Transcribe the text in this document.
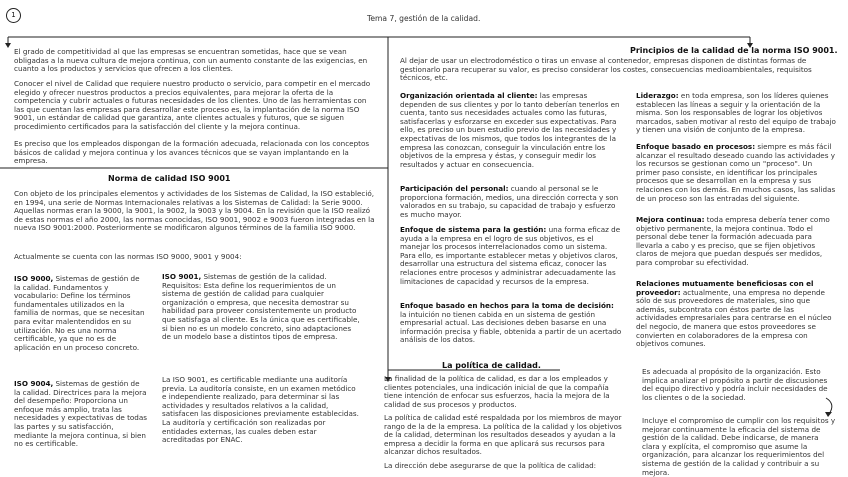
1	Tema 7, gestión de la calidad.

El grado de competitividad al que las empresas se encuentran sometidas, hace que se vean obligadas a la nueva cultura de mejora continua, con un aumento constante de las exigencias, en cuanto a los productos y servicios que ofrecen a los clientes.

Conocer el nivel de Calidad que requiere nuestro producto o servicio, para competir en el mercado elegido y ofrecer nuestros productos a precios equivalentes, para mejorar la oferta de la competencia y cubrir actuales o futuras necesidades de los clientes. Uno de las herramientas con las que cuentan las empresas para desarrollar este proceso es, la implantación de la norma ISO 9001, un estándar de calidad que garantiza, ante clientes actuales y futuros, que se siguen procedimiento certificados para la satisfacción del cliente y la mejora continua.

Es preciso que los empleados dispongan de la formación adecuada, relacionada con los conceptos básicos de calidad y mejora continua y los avances técnicos que se vayan implantando en la empresa.

Norma de calidad ISO 9001

Con objeto de los principales elementos y actividades de los Sistemas de Calidad, la ISO estableció, en 1994, una serie de Normas Internacionales relativas a los Sistemas de Calidad: la Serie 9000. Aquellas normas eran la 9000, la 9001, la 9002, la 9003 y la 9004. En la revisión que la ISO realizó de estas normas el año 2000, las normas conocidas, ISO 9001, 9002 e 9003 fueron integradas en la nueva ISO 9001:2000. Posteriormente se modificaron algunos términos de la familia ISO 9000.

Actualmente se cuenta con las normas ISO 9000, 9001 y 9004:

ISO 9000, Sistemas de gestión de la calidad. Fundamentos y vocabulario: Define los términos fundamentales utilizados en la familia de normas, que se necesitan para evitar malentendidos en su utilización. No es una norma certificable, ya que no es de aplicación en un proceso concreto.

ISO 9004, Sistemas de gestión de la calidad. Directrices para la mejora del desempeño: Proporciona un enfoque más amplio, trata las necesidades y expectativas de todas las partes y su satisfacción, mediante la mejora continua, si bien no es certificable.

ISO 9001, Sistemas de gestión de la calidad. Requisitos: Esta define los requerimientos de un sistema de gestión de calidad para cualquier organización o empresa, que necesita demostrar su habilidad para proveer consistentemente un producto que satisfaga al cliente. Es la única que es certificable, si bien no es un modelo concreto, sino adaptaciones de un modelo base a distintos tipos de empresa.

La ISO 9001, es certificable mediante una auditoría previa. La auditoría consiste, en un examen metódico e independiente realizado, para determinar si las actividades y resultados relativos a la calidad, satisfacen las disposiciones previamente establecidas. La auditoría y certificación son realizadas por entidades externas, las cuales deben estar acreditadas por ENAC.

Principios de la calidad de la norma ISO 9001.

Al dejar de usar un electrodoméstico o tiras un envase al contenedor, empresas disponen de distintas formas de gestionarlo para recuperar su valor, es preciso considerar los costes, consecuencias medioambientales, requisitos técnicos, etc.

Organización orientada al cliente: las empresas dependen de sus clientes y por lo tanto deberían tenerlos en cuenta, tanto sus necesidades actuales como las futuras, satisfacerlas y esforzarse en exceder sus expectativas. Para ello, es preciso un buen estudio previo de las necesidades y expectativas de los mismos, que todos los integrantes de la empresa las conozcan, conseguir la vinculación entre los objetivos de la empresa y éstas, y conseguir medir los resultados y actuar en consecuencia.

Participación del personal: cuando al personal se le proporciona formación, medios, una dirección correcta y son valorados en su trabajo, su capacidad de trabajo y esfuerzo es mucho mayor.

Enfoque de sistema para la gestión: una forma eficaz de ayuda a la empresa en el logro de sus objetivos, es el manejar los procesos interrelacionados como un sistema. Para ello, es importante establecer metas y objetivos claros, desarrollar una estructura del sistema eficaz, conocer las relaciones entre procesos y administrar adecuadamente las limitaciones de capacidad y recursos de la empresa.

Enfoque basado en hechos para la toma de decisión: la intuición no tienen cabida en un sistema de gestión empresarial actual. Las decisiones deben basarse en una información precisa y fiable, obtenida a partir de un acertado análisis de los datos.

Liderazgo: en toda empresa, son los líderes quienes establecen las líneas a seguir y la orientación de la misma. Son los responsables de lograr los objetivos marcados, saben motivar al resto del equipo de trabajo y tienen una visión de conjunto de la empresa.

Enfoque basado en procesos: siempre es más fácil alcanzar el resultado deseado cuando las actividades y los recursos se gestionan como un "proceso". Un primer paso consiste, en identificar los principales procesos que se desarrollan en la empresa y sus relaciones con los demás. En muchos casos, las salidas de un proceso son las entradas del siguiente.

Mejora continua: toda empresa debería tener como objetivo permanente, la mejora continua. Todo el personal debe tener la formación adecuada para llevarla a cabo y es preciso, que se fijen objetivos claros de mejora que puedan después ser medidos, para comprobar su efectividad.

Relaciones mutuamente beneficiosas con el proveedor: actualmente, una empresa no depende sólo de sus proveedores de materiales, sino que además, subcontrata con éstos parte de las actividades empresariales para centrarse en el núcleo del negocio, de manera que estos proveedores se convierten en colaboradores de la empresa con objetivos comunes.

La política de calidad.

La finalidad de la política de calidad, es dar a los empleados y clientes potenciales, una indicación inicial de que la compañía tiene intención de enfocar sus esfuerzos, hacia la mejora de la calidad de sus procesos y productos.

La política de calidad esté respaldada por los miembros de mayor rango de la de la empresa. La política de la calidad y los objetivos de la calidad, determinan los resultados deseados y ayudan a la empresa a decidir la forma en que aplicará sus recursos para alcanzar dichos resultados.

La dirección debe asegurarse de que la política de calidad:

Es adecuada al propósito de la organización. Esto implica analizar el propósito a partir de discusiones del equipo directivo y podría incluir necesidades de los clientes o de la sociedad.

Incluye el compromiso de cumplir con los requisitos y mejorar continuamente la eficacia del sistema de gestión de la calidad. Debe indicarse, de manera clara y explícita, el compromiso que asume la organización, para alcanzar los requerimientos del sistema de gestión de la calidad y contribuir a su mejora.
